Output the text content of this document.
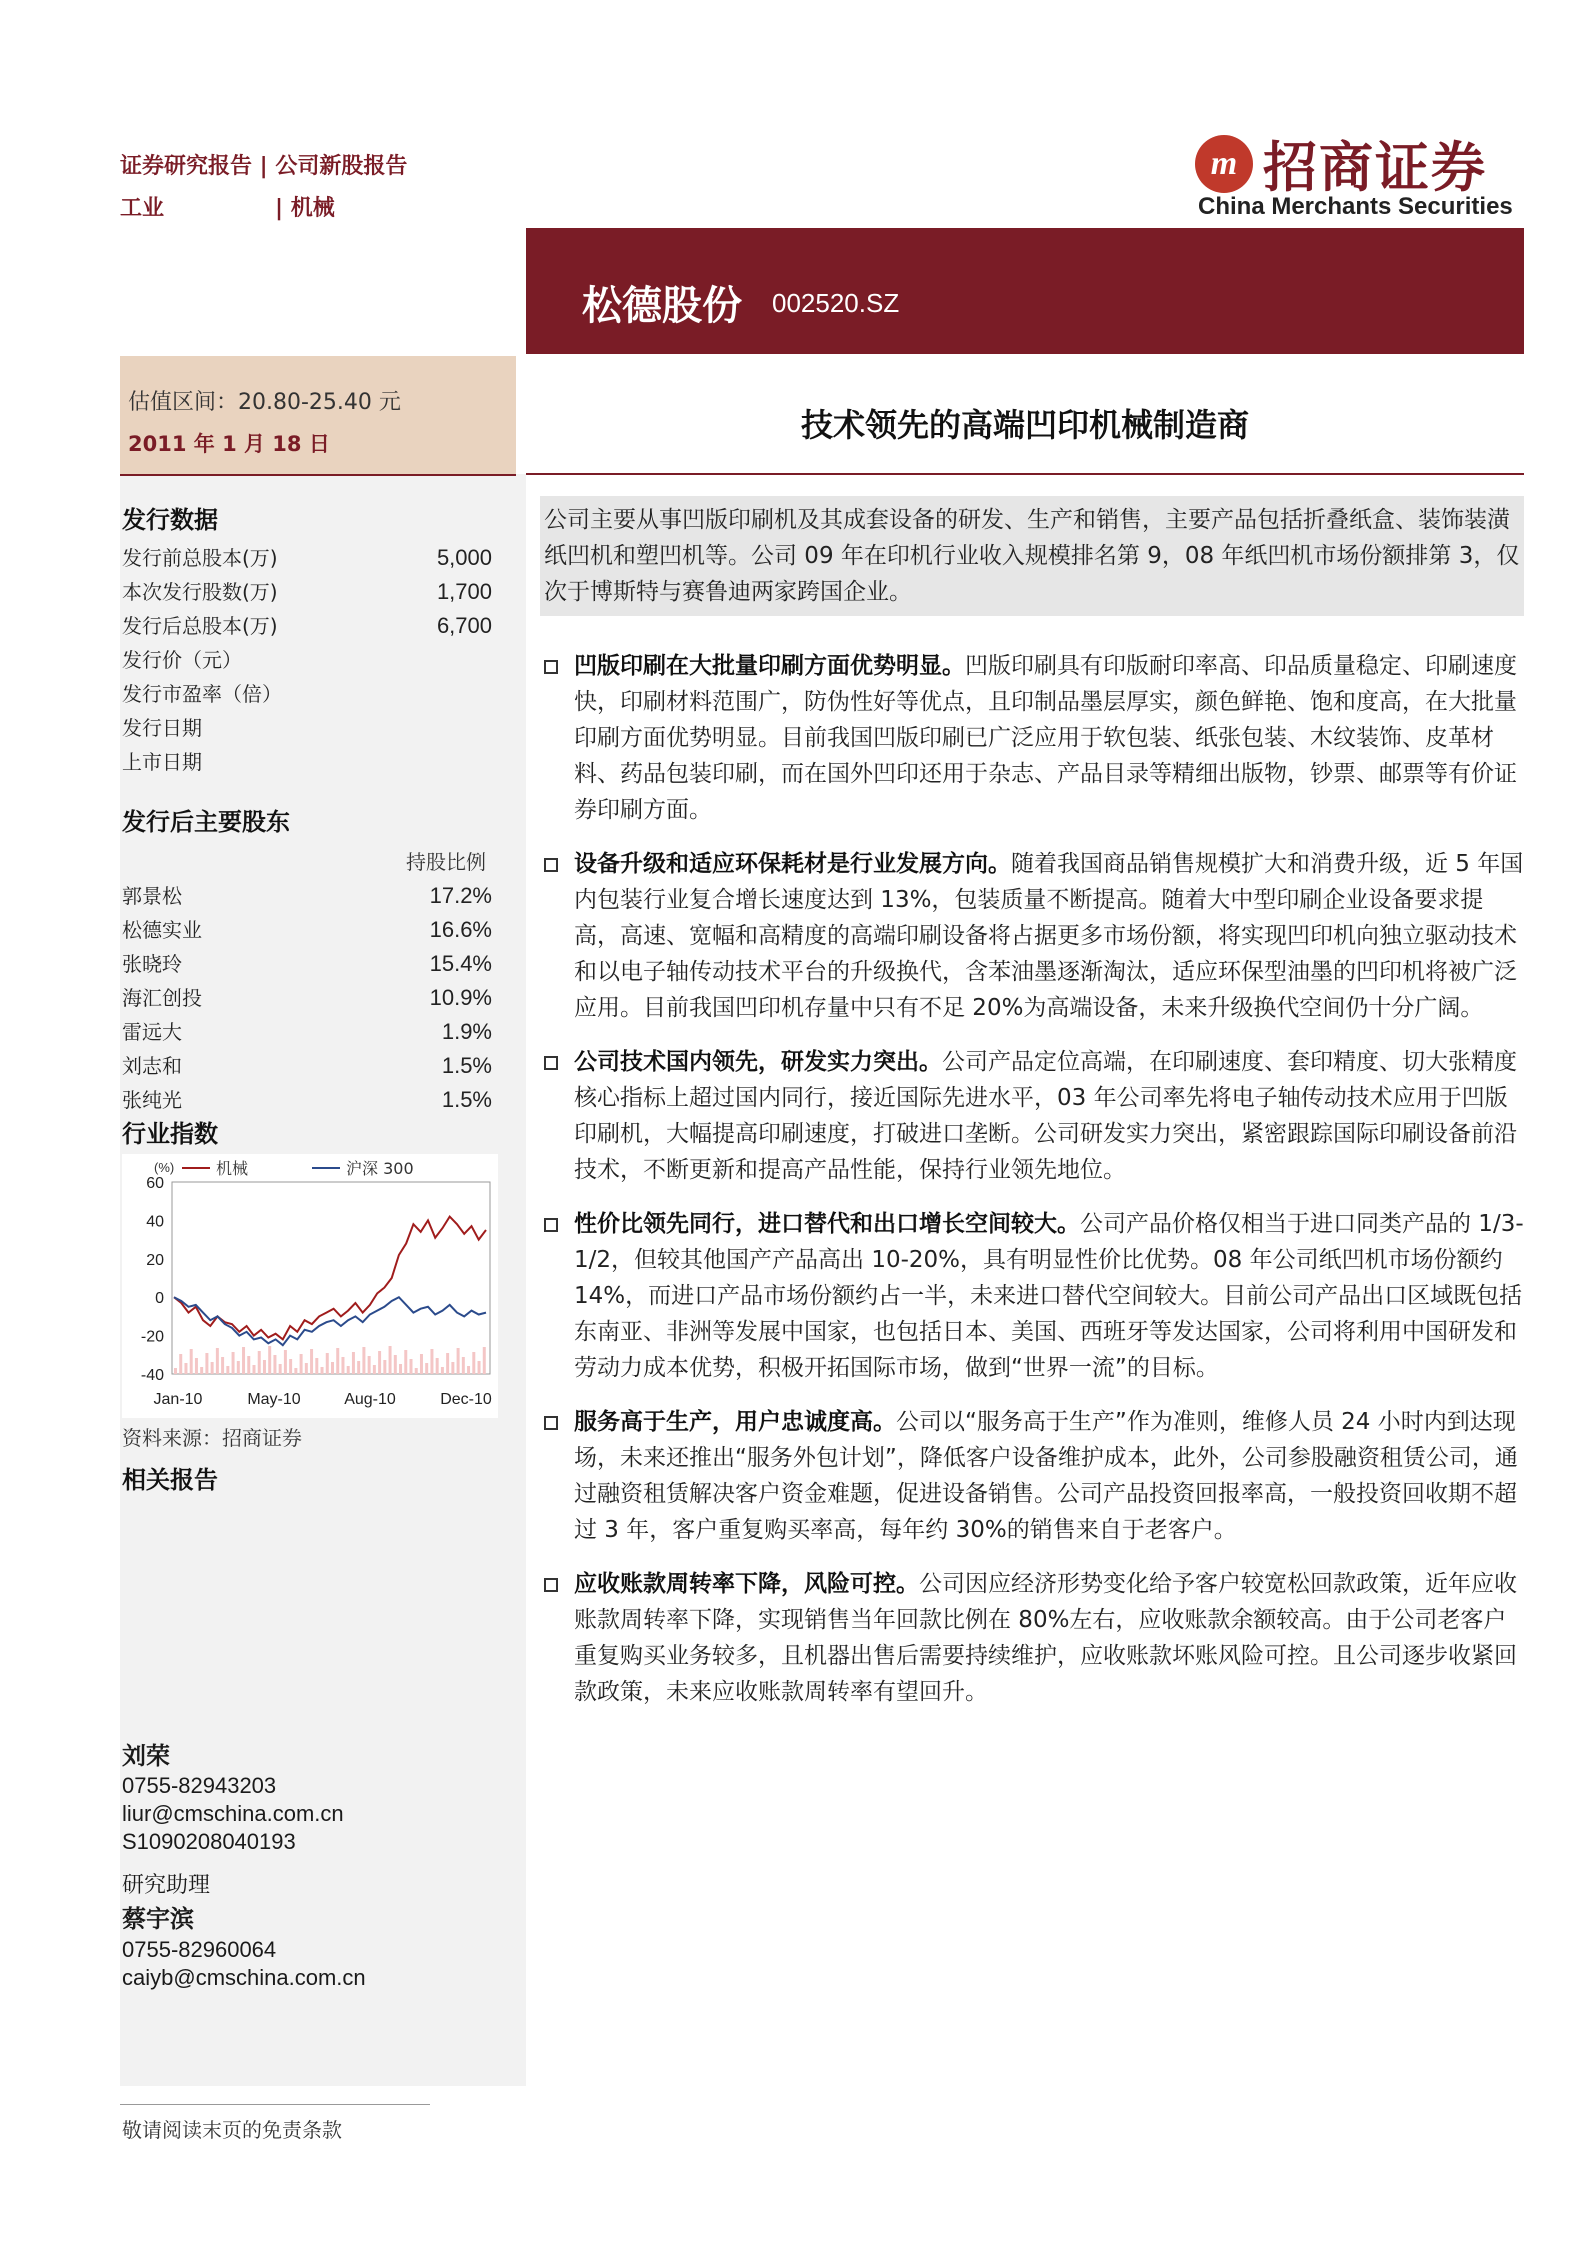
证券研究报告 | 公司新股报告
工业	| 机械
m 招商证券
China Merchants Securities
松德股份 002520.SZ
估值区间：20.80-25.40 元
2011 年 1 月 18 日	技术领先的高端凹印机械制造商
发行数据
发行前总股本(万)	5,000
本次发行股数(万)	1,700
发行后总股本(万)	6,700
发行价（元）
发行市盈率（倍）
发行日期
上市日期
发行后主要股东
持股比例
郭景松	17.2%
松德实业	16.6%
张晓玲	15.4%
海汇创投	10.9%
雷远大	1.9%
刘志和	1.5%
张纯光	1.5%
行业指数
(%)
60
40
20
0
-20
-40
Jan-10	May-10	Aug-10	Dec-10
机械	沪深 300
资料来源：招商证券
相关报告
刘荣
0755-82943203
liur@cmschina.com.cn
S1090208040193
研究助理
蔡宇滨
0755-82960064
caiyb@cmschina.com.cn
公司主要从事凹版印刷机及其成套设备的研发、生产和销售，主要产品包括折叠纸盒、装饰装潢纸凹机和塑凹机等。公司 09 年在印机行业收入规模排名第 9，08 年纸凹机市场份额排第 3，仅次于博斯特与赛鲁迪两家跨国企业。
凹版印刷在大批量印刷方面优势明显。凹版印刷具有印版耐印率高、印品质量稳定、印刷速度快，印刷材料范围广，防伪性好等优点，且印制品墨层厚实，颜色鲜艳、饱和度高，在大批量印刷方面优势明显。目前我国凹版印刷已广泛应用于软包装、纸张包装、木纹装饰、皮革材料、药品包装印刷，而在国外凹印还用于杂志、产品目录等精细出版物，钞票、邮票等有价证券印刷方面。
设备升级和适应环保耗材是行业发展方向。随着我国商品销售规模扩大和消费升级，近 5 年国内包装行业复合增长速度达到 13%，包装质量不断提高。随着大中型印刷企业设备要求提高，高速、宽幅和高精度的高端印刷设备将占据更多市场份额，将实现凹印机向独立驱动技术和以电子轴传动技术平台的升级换代，含苯油墨逐渐淘汰，适应环保型油墨的凹印机将被广泛应用。目前我国凹印机存量中只有不足 20%为高端设备，未来升级换代空间仍十分广阔。
公司技术国内领先，研发实力突出。公司产品定位高端，在印刷速度、套印精度、切大张精度核心指标上超过国内同行，接近国际先进水平，03 年公司率先将电子轴传动技术应用于凹版印刷机，大幅提高印刷速度，打破进口垄断。公司研发实力突出，紧密跟踪国际印刷设备前沿技术，不断更新和提高产品性能，保持行业领先地位。
性价比领先同行，进口替代和出口增长空间较大。公司产品价格仅相当于进口同类产品的 1/3-1/2，但较其他国产产品高出 10-20%，具有明显性价比优势。08 年公司纸凹机市场份额约 14%，而进口产品市场份额约占一半，未来进口替代空间较大。目前公司产品出口区域既包括东南亚、非洲等发展中国家，也包括日本、美国、西班牙等发达国家，公司将利用中国研发和劳动力成本优势，积极开拓国际市场，做到“世界一流”的目标。
服务高于生产，用户忠诚度高。公司以“服务高于生产”作为准则，维修人员 24 小时内到达现场，未来还推出“服务外包计划”，降低客户设备维护成本，此外，公司参股融资租赁公司，通过融资租赁解决客户资金难题，促进设备销售。公司产品投资回报率高，一般投资回收期不超过 3 年，客户重复购买率高，每年约 30%的销售来自于老客户。
应收账款周转率下降，风险可控。公司因应经济形势变化给予客户较宽松回款政策，近年应收账款周转率下降，实现销售当年回款比例在 80%左右，应收账款余额较高。由于公司老客户重复购买业务较多，且机器出售后需要持续维护，应收账款坏账风险可控。且公司逐步收紧回款政策，未来应收账款周转率有望回升。
敬请阅读末页的免责条款
